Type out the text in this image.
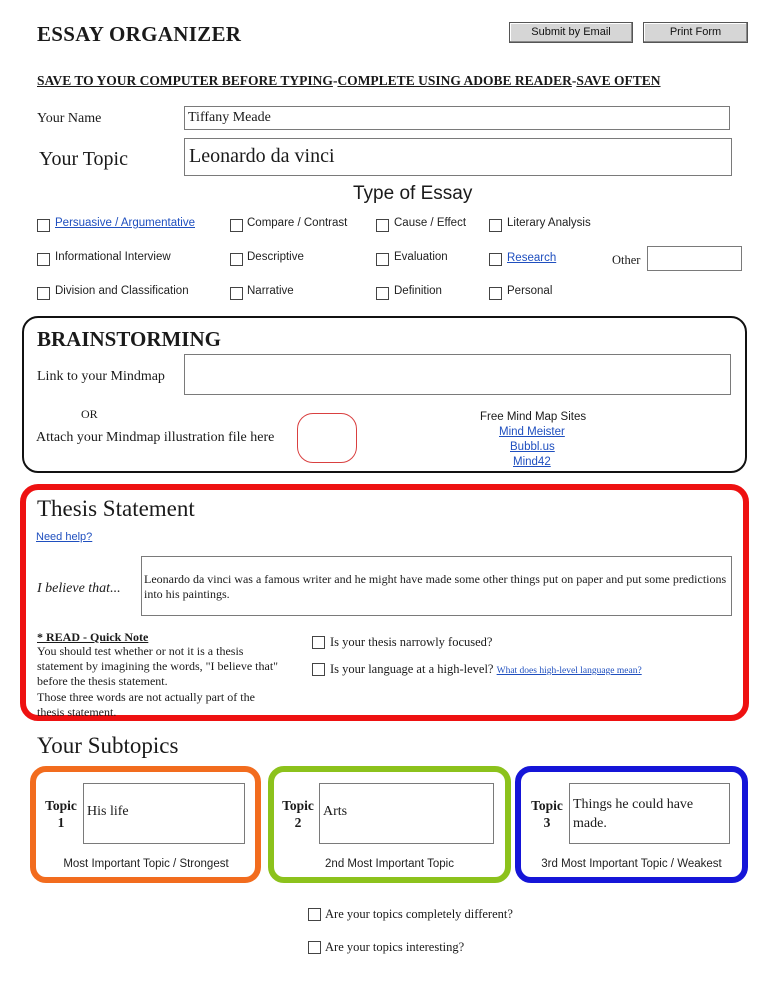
ESSAY ORGANIZER	Submit by Email	Print Form
SAVE TO YOUR COMPUTER BEFORE TYPING-COMPLETE USING ADOBE READER-SAVE OFTEN
Your Name	Tiffany Meade
Your Topic	Leonardo da vinci
Type of Essay
Persuasive / Argumentative	Compare / Contrast	Cause / Effect	Literary Analysis
Informational Interview	Descriptive	Evaluation	Research	Other
Division and Classification	Narrative	Definition	Personal
BRAINSTORMING
Link to your Mindmap
OR
Attach your Mindmap illustration file here
Free Mind Map Sites
Mind Meister
Bubbl.us
Mind42
Thesis Statement
Need help?
I believe that...
Leonardo da vinci was a famous writer and he might have made some other things put on paper and put some predictions into his paintings.
* READ - Quick Note
You should test whether or not it is a thesis
statement by imagining the words, "I believe that"
before the thesis statement.
Those three words are not actually part of the
thesis statement.
Is your thesis narrowly focused?
Is your language at a high-level? What does high-level language mean?
Your Subtopics
Topic
1
His life
Most Important Topic / Strongest
Topic
2
Arts
2nd Most Important Topic
Topic
3
Things he could have made.
3rd Most Important Topic / Weakest
Are your topics completely different?
Are your topics interesting?
